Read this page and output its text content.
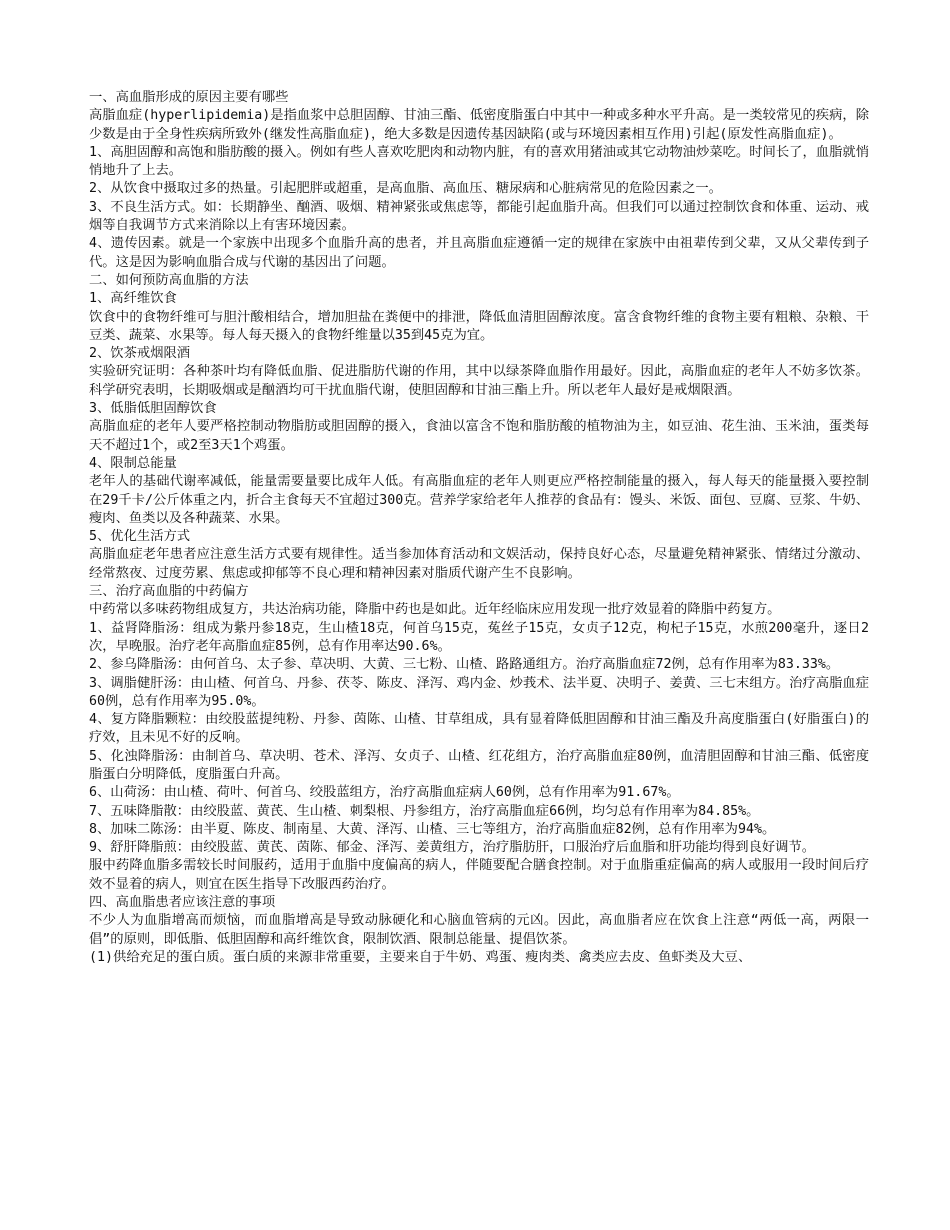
一、高血脂形成的原因主要有哪些

高脂血症(hyperlipidemia)是指血浆中总胆固醇、甘油三酯、低密度脂蛋白中其中一种或多种水平升高。是一类较常见的疾病，除少数是由于全身性疾病所致外(继发性高脂血症)，绝大多数是因遗传基因缺陷(或与环境因素相互作用)引起(原发性高脂血症)。

1、高胆固醇和高饱和脂肪酸的摄入。例如有些人喜欢吃肥肉和动物内脏，有的喜欢用猪油或其它动物油炒菜吃。时间长了，血脂就悄悄地升了上去。

2、从饮食中摄取过多的热量。引起肥胖或超重，是高血脂、高血压、糖尿病和心脏病常见的危险因素之一。

3、不良生活方式。如：长期静坐、酗酒、吸烟、精神紧张或焦虑等，都能引起血脂升高。但我们可以通过控制饮食和体重、运动、戒烟等自我调节方式来消除以上有害环境因素。

4、遗传因素。就是一个家族中出现多个血脂升高的患者，并且高脂血症遵循一定的规律在家族中由祖辈传到父辈，又从父辈传到子代。这是因为影响血脂合成与代谢的基因出了问题。

二、如何预防高血脂的方法

1、高纤维饮食

饮食中的食物纤维可与胆汁酸相结合，增加胆盐在粪便中的排泄，降低血清胆固醇浓度。富含食物纤维的食物主要有粗粮、杂粮、干豆类、蔬菜、水果等。每人每天摄入的食物纤维量以35到45克为宜。

2、饮茶戒烟限酒

实验研究证明：各种茶叶均有降低血脂、促进脂肪代谢的作用，其中以绿茶降血脂作用最好。因此，高脂血症的老年人不妨多饮茶。科学研究表明，长期吸烟或是酗酒均可干扰血脂代谢，使胆固醇和甘油三酯上升。所以老年人最好是戒烟限酒。

3、低脂低胆固醇饮食

高脂血症的老年人要严格控制动物脂肪或胆固醇的摄入，食油以富含不饱和脂肪酸的植物油为主，如豆油、花生油、玉米油，蛋类每天不超过1个，或2至3天1个鸡蛋。

4、限制总能量

老年人的基础代谢率减低，能量需要量要比成年人低。有高脂血症的老年人则更应严格控制能量的摄入，每人每天的能量摄入要控制在29千卡/公斤体重之内，折合主食每天不宜超过300克。营养学家给老年人推荐的食品有：馒头、米饭、面包、豆腐、豆浆、牛奶、瘦肉、鱼类以及各种蔬菜、水果。

5、优化生活方式

高脂血症老年患者应注意生活方式要有规律性。适当参加体育活动和文娱活动，保持良好心态，尽量避免精神紧张、情绪过分激动、经常熬夜、过度劳累、焦虑或抑郁等不良心理和精神因素对脂质代谢产生不良影响。

三、治疗高血脂的中药偏方

中药常以多味药物组成复方，共达治病功能，降脂中药也是如此。近年经临床应用发现一批疗效显着的降脂中药复方。

1、益肾降脂汤：组成为紫丹参18克，生山楂18克，何首乌15克，菟丝子15克，女贞子12克，枸杞子15克，水煎200毫升，逐日2次，早晚服。治疗老年高脂血症85例，总有作用率达90.6%。

2、参乌降脂汤：由何首乌、太子参、草决明、大黄、三七粉、山楂、路路通组方。治疗高脂血症72例，总有作用率为83.33%。

3、调脂健肝汤：由山楂、何首乌、丹参、茯苓、陈皮、泽泻、鸡内金、炒莪术、法半夏、决明子、姜黄、三七末组方。治疗高脂血症60例，总有作用率为95.0%。

4、复方降脂颗粒：由绞股蓝提纯粉、丹参、茵陈、山楂、甘草组成，具有显着降低胆固醇和甘油三酯及升高度脂蛋白(好脂蛋白)的疗效，且未见不好的反响。

5、化浊降脂汤：由制首乌、草决明、苍术、泽泻、女贞子、山楂、红花组方，治疗高脂血症80例，血清胆固醇和甘油三酯、低密度脂蛋白分明降低，度脂蛋白升高。

6、山荷汤：由山楂、荷叶、何首乌、绞股蓝组方，治疗高脂血症病人60例，总有作用率为91.67%。

7、五味降脂散：由绞股蓝、黄芪、生山楂、刺梨根、丹参组方，治疗高脂血症66例，均匀总有作用率为84.85%。

8、加味二陈汤：由半夏、陈皮、制南星、大黄、泽泻、山楂、三七等组方，治疗高脂血症82例，总有作用率为94%。

9、舒肝降脂煎：由绞股蓝、黄芪、茵陈、郁金、泽泻、姜黄组方，治疗脂肪肝，口服治疗后血脂和肝功能均得到良好调节。

服中药降血脂多需较长时间服药，适用于血脂中度偏高的病人，伴随要配合膳食控制。对于血脂重症偏高的病人或服用一段时间后疗效不显着的病人，则宜在医生指导下改服西药治疗。

四、高血脂患者应该注意的事项

不少人为血脂增高而烦恼，而血脂增高是导致动脉硬化和心脑血管病的元凶。因此，高血脂者应在饮食上注意“两低一高，两限一倡”的原则，即低脂、低胆固醇和高纤维饮食，限制饮酒、限制总能量、提倡饮茶。

(1)供给充足的蛋白质。蛋白质的来源非常重要，主要来自于牛奶、鸡蛋、瘦肉类、禽类应去皮、鱼虾类及大豆、
